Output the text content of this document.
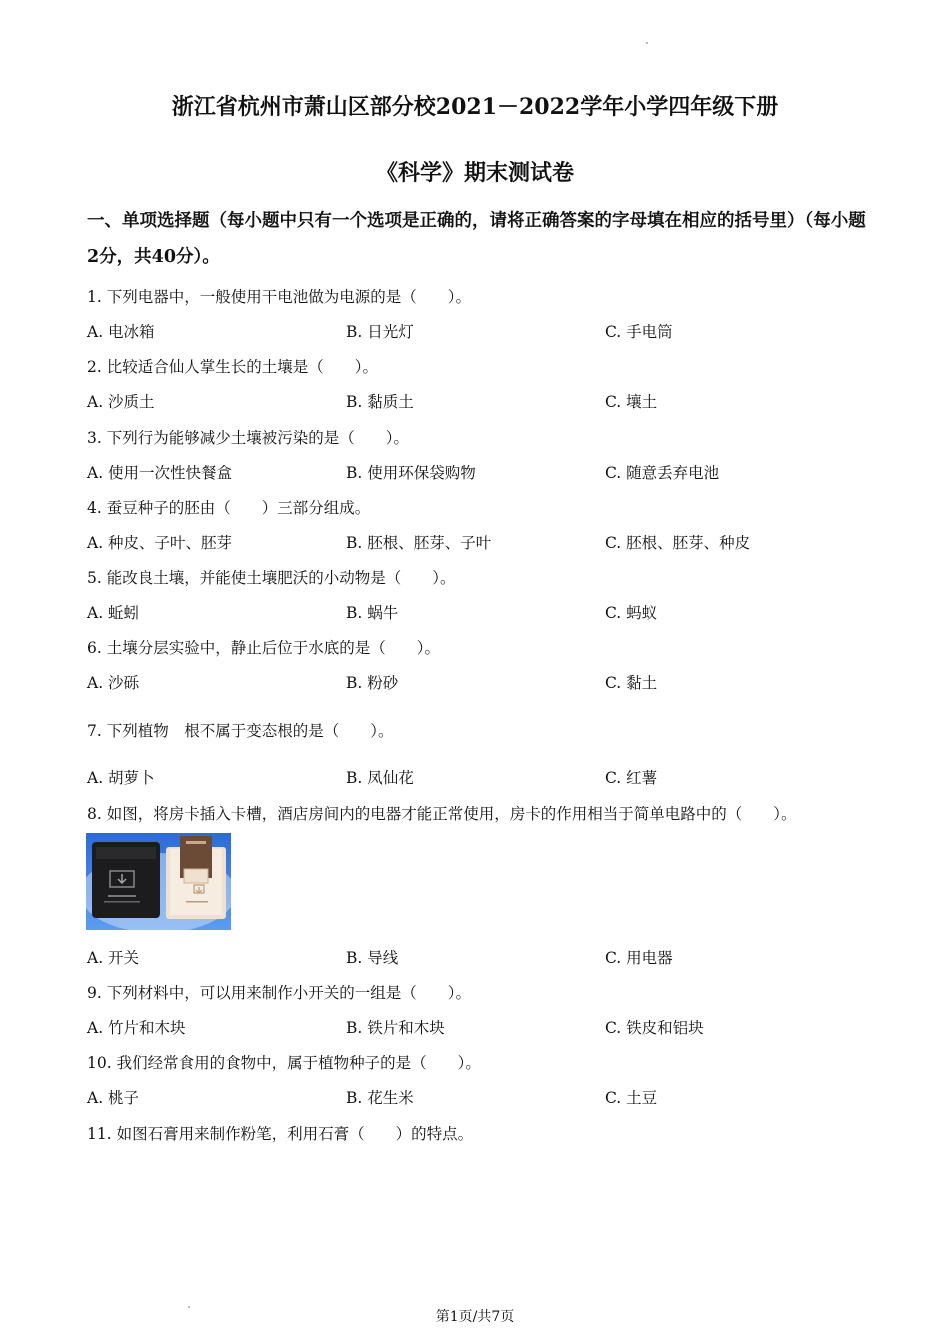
浙江省杭州市萧山区部分校2021－2022学年小学四年级下册
《科学》期末测试卷
一、单项选择题（每小题中只有一个选项是正确的，请将正确答案的字母填在相应的括号里）（每小题2分，共40分）。
1. 下列电器中，一般使用干电池做为电源的是（　　）。
A. 电冰箱	B. 日光灯	C. 手电筒
2. 比较适合仙人掌生长的土壤是（　　）。
A. 沙质土	B. 黏质土	C. 壤土
3. 下列行为能够减少土壤被污染的是（　　）。
A. 使用一次性快餐盒	B. 使用环保袋购物	C. 随意丢弃电池
4. 蚕豆种子的胚由（　　）三部分组成。
A. 种皮、子叶、胚芽	B. 胚根、胚芽、子叶	C. 胚根、胚芽、种皮
5. 能改良土壤，并能使土壤肥沃的小动物是（　　）。
A. 蚯蚓	B. 蜗牛	C. 蚂蚁
6. 土壤分层实验中，静止后位于水底的是（　　）。
A. 沙砾	B. 粉砂	C. 黏土
7. 下列植物　根不属于变态根的是（　　）。
A. 胡萝卜	B. 凤仙花	C. 红薯
8. 如图，将房卡插入卡槽，酒店房间内的电器才能正常使用，房卡的作用相当于简单电路中的（　　）。
A. 开关	B. 导线	C. 用电器
9. 下列材料中，可以用来制作小开关的一组是（　　）。
A. 竹片和木块	B. 铁片和木块	C. 铁皮和铝块
10. 我们经常食用的食物中，属于植物种子的是（　　）。
A. 桃子	B. 花生米	C. 土豆
11. 如图石膏用来制作粉笔，利用石膏（　　）的特点。
第1页/共7页
